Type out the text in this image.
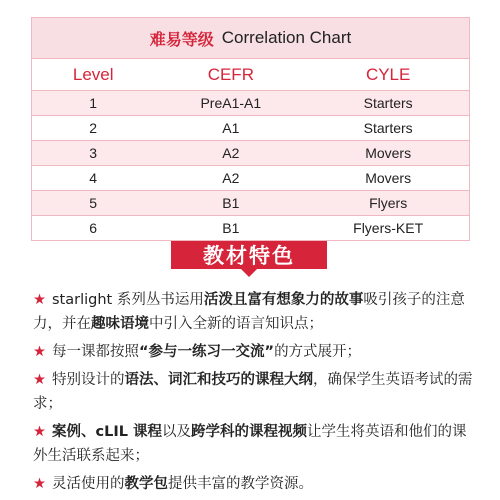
难易等级 Correlation Chart
Level	CEFR	CYLE
1	PreA1-A1	Starters
2	A1	Starters
3	A2	Movers
4	A2	Movers
5	B1	Flyers
6	B1	Flyers-KET
教材特色
★ starlight 系列丛书运用活泼且富有想象力的故事吸引孩子的注意力，并在趣味语境中引入全新的语言知识点；
★ 每一课都按照“参与一练习一交流”的方式展开；
★ 特别设计的语法、词汇和技巧的课程大纲，确保学生英语考试的需求；
★ 案例、cLIL 课程以及跨学科的课程视频让学生将英语和他们的课外生活联系起来；
★ 灵活使用的教学包提供丰富的教学资源。
